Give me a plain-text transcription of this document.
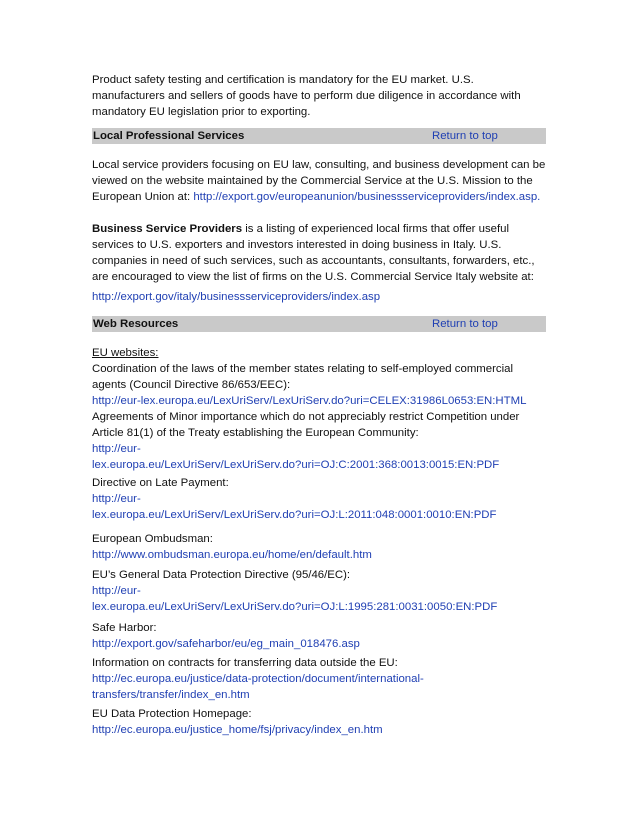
Product safety testing and certification is mandatory for the EU market. U.S. manufacturers and sellers of goods have to perform due diligence in accordance with mandatory EU legislation prior to exporting.

Local Professional Services	Return to top

Local service providers focusing on EU law, consulting, and business development can be viewed on the website maintained by the Commercial Service at the U.S. Mission to the European Union at: http://export.gov/europeanunion/businessserviceproviders/index.asp.

Business Service Providers is a listing of experienced local firms that offer useful services to U.S. exporters and investors interested in doing business in Italy. U.S. companies in need of such services, such as accountants, consultants, forwarders, etc., are encouraged to view the list of firms on the U.S. Commercial Service Italy website at:

http://export.gov/italy/businessserviceproviders/index.asp

Web Resources	Return to top

EU websites:
Coordination of the laws of the member states relating to self-employed commercial agents (Council Directive 86/653/EEC):
http://eur-lex.europa.eu/LexUriServ/LexUriServ.do?uri=CELEX:31986L0653:EN:HTML

Agreements of Minor importance which do not appreciably restrict Competition under Article 81(1) of the Treaty establishing the European Community:
http://eur-
lex.europa.eu/LexUriServ/LexUriServ.do?uri=OJ:C:2001:368:0013:0015:EN:PDF

Directive on Late Payment:
http://eur-
lex.europa.eu/LexUriServ/LexUriServ.do?uri=OJ:L:2011:048:0001:0010:EN:PDF

European Ombudsman:
http://www.ombudsman.europa.eu/home/en/default.htm

EU’s General Data Protection Directive (95/46/EC):
http://eur-
lex.europa.eu/LexUriServ/LexUriServ.do?uri=OJ:L:1995:281:0031:0050:EN:PDF

Safe Harbor:
http://export.gov/safeharbor/eu/eg_main_018476.asp

Information on contracts for transferring data outside the EU:
http://ec.europa.eu/justice/data-protection/document/international-
transfers/transfer/index_en.htm

EU Data Protection Homepage:
http://ec.europa.eu/justice_home/fsj/privacy/index_en.htm
